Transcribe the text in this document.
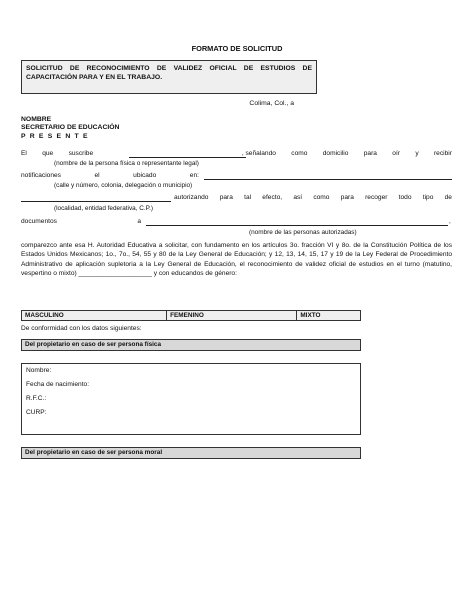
FORMATO DE SOLICITUD
SOLICITUD DE RECONOCIMIENTO DE VALIDEZ OFICIAL DE ESTUDIOS DE CAPACITACIÓN PARA Y EN EL TRABAJO.
Colima, Col., a
NOMBRE
SECRETARIO DE EDUCACIÓN
P R E S E N T E
El que suscribe	, señalando como domicilio para oír y recibir
(nombre de la persona física o representante legal)
notificaciones	el	ubicado	en:
(calle y número, colonia, delegación o municipio)
autorizando para tal efecto, así como para recoger todo tipo de
(localidad, entidad federativa, C.P.)
documentos	a	,
(nombre de las personas autorizadas)
comparezco ante esa H. Autoridad Educativa a solicitar, con fundamento en los artículos 3o. fracción VI y 8o. de la Constitución Política de los Estados Unidos Mexicanos; 1o., 7o., 54, 55 y 80 de la Ley General de Educación; y 12, 13, 14, 15, 17 y 19 de la Ley Federal de Procedimiento Administrativo de aplicación supletoria a la Ley General de Educación, el reconocimiento de validez oficial de estudios en el turno (matutino, vespertino o mixto) ____________________ y con educandos de género:
MASCULINO	FEMENINO	MIXTO
De conformidad con los datos siguientes:
Del propietario en caso de ser persona física
Nombre:
Fecha de nacimiento:
R.F.C.:
CURP:
Del propietario en caso de ser persona moral
